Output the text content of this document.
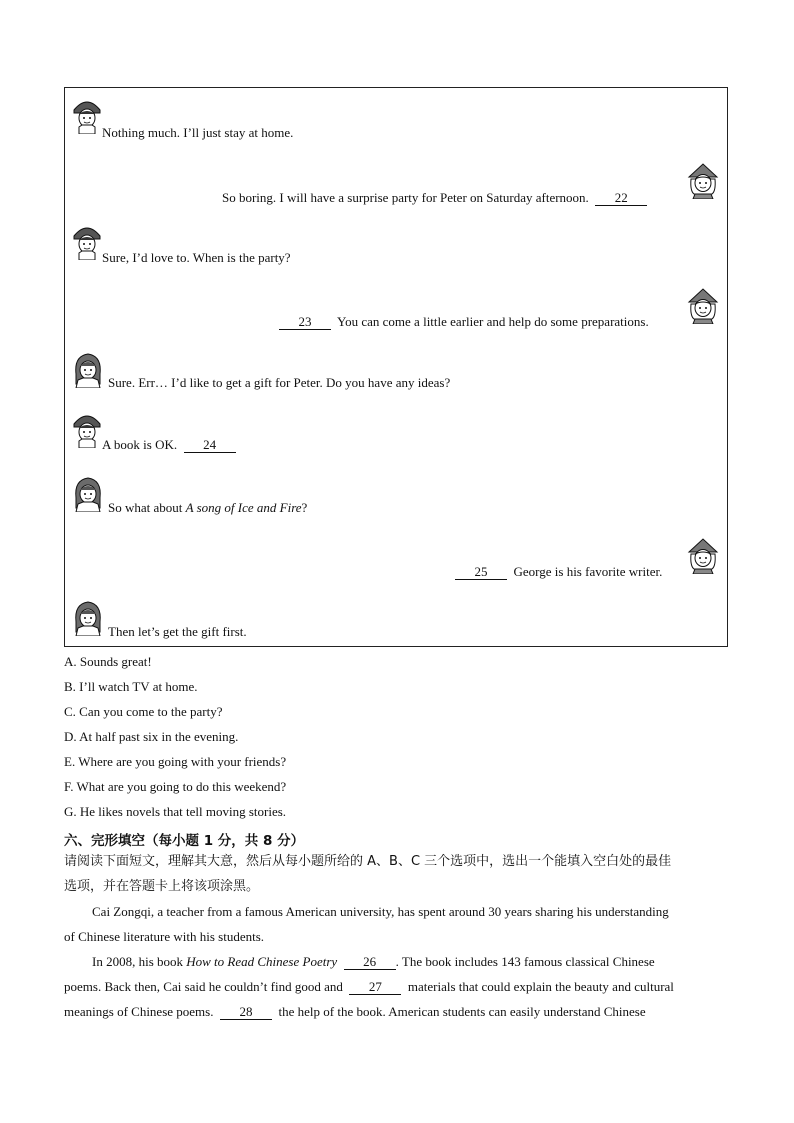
Nothing much. I’ll just stay at home.
So boring. I will have a surprise party for Peter on Saturday afternoon. 22
Sure, I’d love to. When is the party?
23 You can come a little earlier and help do some preparations.
Sure. Err… I’d like to get a gift for Peter. Do you have any ideas?
A book is OK. 24
So what about A song of Ice and Fire?
25 George is his favorite writer.
Then let’s get the gift first.
A. Sounds great!
B. I’ll watch TV at home.
C. Can you come to the party?
D. At half past six in the evening.
E. Where are you going with your friends?
F. What are you going to do this weekend?
G. He likes novels that tell moving stories.
六、完形填空（每小题 1 分，共 8 分）
请阅读下面短文，理解其大意，然后从每小题所给的 A、B、C 三个选项中，选出一个能填入空白处的最佳
选项，并在答题卡上将该项涂黑。
Cai Zongqi, a teacher from a famous American university, has spent around 30 years sharing his understanding
of Chinese literature with his students.
In 2008, his book How to Read Chinese Poetry 26 . The book includes 143 famous classical Chinese
poems. Back then, Cai said he couldn’t find good and 27 materials that could explain the beauty and cultural
meanings of Chinese poems. 28 the help of the book. American students can easily understand Chinese
